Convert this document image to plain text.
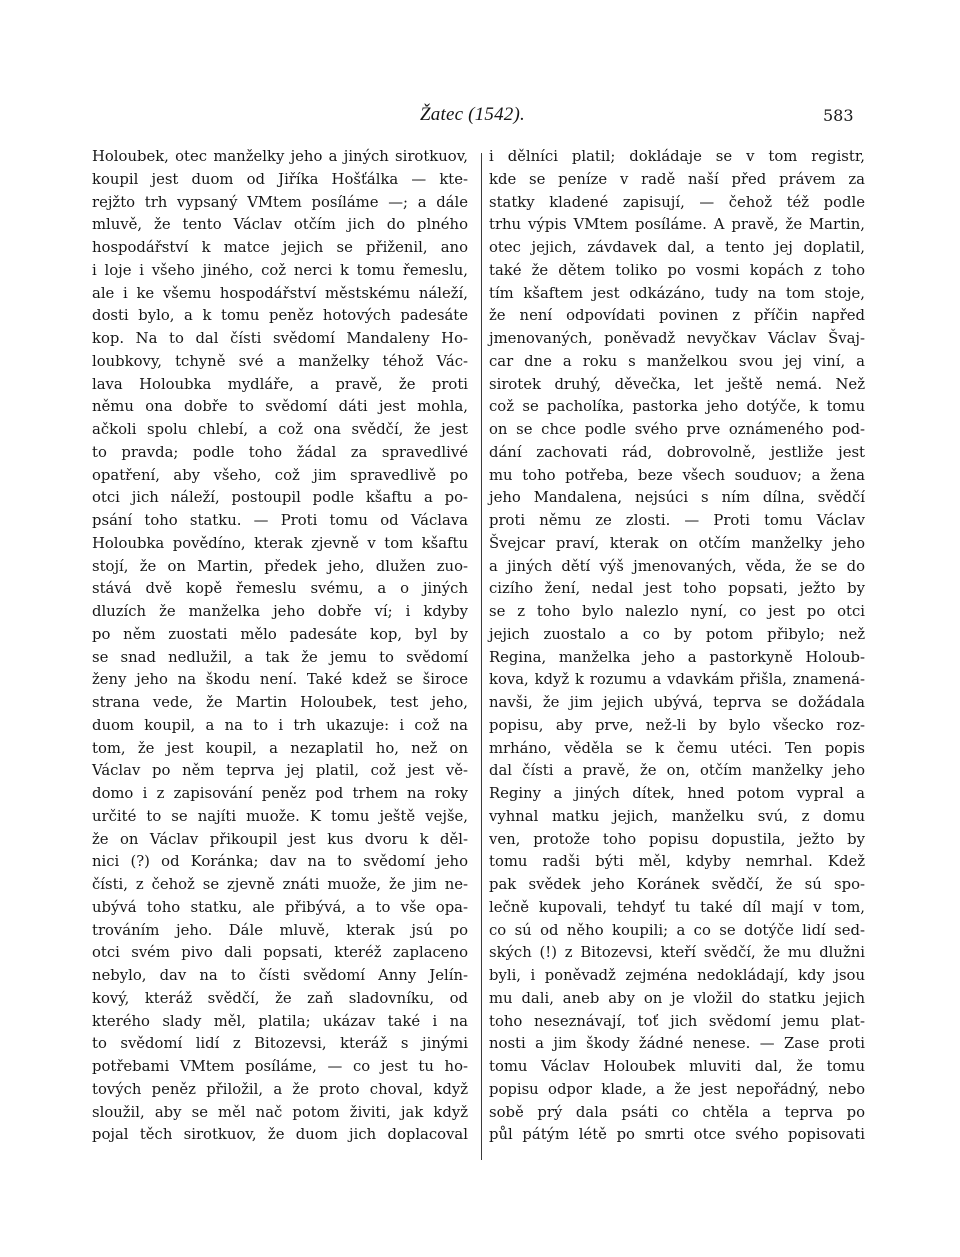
Žatec (1542).	583
Holoubek, otec manželky jeho a jiných sirotkuov,
koupil jest duom od Jiříka Hošťálka — kte-
rejžto trh vypsaný VMtem posíláme —; a dále
mluvě, že tento Václav otčím jich do plného
hospodářství k matce jejich se přiženil, ano
i loje i všeho jiného, což nerci k tomu řemeslu,
ale i ke všemu hospodářství městskému náleží,
dosti bylo, a k tomu peněz hotových padesáte
kop. Na to dal čísti svědomí Mandaleny Ho-
loubkovy, tchyně své a manželky téhož Vác-
lava Holoubka mydláře, a pravě, že proti
němu ona dobře to svědomí dáti jest mohla,
ačkoli spolu chlebí, a což ona svědčí, že jest
to pravda; podle toho žádal za spravedlivé
opatření, aby všeho, což jim spravedlivě po
otci jich náleží, postoupil podle kšaftu a po-
psání toho statku. — Proti tomu od Václava
Holoubka povědíno, kterak zjevně v tom kšaftu
stojí, že on Martin, předek jeho, dlužen zuo-
stává dvě kopě řemeslu svému, a o jiných
dluzích že manželka jeho dobře ví; i kdyby
po něm zuostati mělo padesáte kop, byl by
se snad nedlužil, a tak že jemu to svědomí
ženy jeho na škodu není. Také kdež se široce
strana vede, že Martin Holoubek, test jeho,
duom koupil, a na to i trh ukazuje: i což na
tom, že jest koupil, a nezaplatil ho, než on
Václav po něm teprva jej platil, což jest vě-
domo i z zapisování peněz pod trhem na roky
určité to se najíti muože. K tomu ještě vejše,
že on Václav přikoupil jest kus dvoru k děl-
nici (?) od Koránka; dav na to svědomí jeho
čísti, z čehož se zjevně znáti muože, že jim ne-
ubývá toho statku, ale přibývá, a to vše opa-
trováním jeho. Dále mluvě, kterak jsú po
otci svém pivo dali popsati, kteréž zaplaceno
nebylo, dav na to čísti svědomí Anny Jelín-
kový, kteráž svědčí, že zaň sladovníku, od
kterého slady měl, platila; ukázav také i na
to svědomí lidí z Bitozevsi, kteráž s jinými
potřebami VMtem posíláme, — co jest tu ho-
tových peněz přiložil, a že proto choval, když
sloužil, aby se měl nač potom živiti, jak když
pojal těch sirotkuov, že duom jich doplacoval
i dělníci platil; dokládaje se v tom registr,
kde se peníze v radě naší před právem za
statky kladené zapisují, — čehož též podle
trhu výpis VMtem posíláme. A pravě, že Martin,
otec jejich, závdavek dal, a tento jej doplatil,
také že dětem toliko po vosmi kopách z toho
tím kšaftem jest odkázáno, tudy na tom stoje,
že není odpovídati povinen z příčin napřed
jmenovaných, poněvadž nevyčkav Václav Švaj-
car dne a roku s manželkou svou jej viní, a
sirotek druhý, děvečka, let ještě nemá. Než
což se pacholíka, pastorka jeho dotýče, k tomu
on se chce podle svého prve oznámeného pod-
dání zachovati rád, dobrovolně, jestliže jest
mu toho potřeba, beze všech souduov; a žena
jeho Mandalena, nejsúci s ním dílna, svědčí
proti němu ze zlosti. — Proti tomu Václav
Švejcar praví, kterak on otčím manželky jeho
a jiných dětí výš jmenovaných, věda, že se do
cizího žení, nedal jest toho popsati, ježto by
se z toho bylo nalezlo nyní, co jest po otci
jejich zuostalo a co by potom přibylo; než
Regina, manželka jeho a pastorkyně Holoub-
kova, když k rozumu a vdavkám přišla, znamená-
navši, že jim jejich ubývá, teprva se dožádala
popisu, aby prve, než-li by bylo všecko roz-
mrháno, věděla se k čemu utéci. Ten popis
dal čísti a pravě, že on, otčím manželky jeho
Reginy a jiných dítek, hned potom vypral a
vyhnal matku jejich, manželku svú, z domu
ven, protože toho popisu dopustila, ježto by
tomu radši býti měl, kdyby nemrhal. Kdež
pak svědek jeho Koránek svědčí, že sú spo-
lečně kupovali, tehdyť tu také díl mají v tom,
co sú od něho koupili; a co se dotýče lidí sed-
ských (!) z Bitozevsi, kteří svědčí, že mu dlužni
byli, i poněvadž zejména nedokládají, kdy jsou
mu dali, aneb aby on je vložil do statku jejich
toho neseznávají, toť jich svědomí jemu plat-
nosti a jim škody žádné nenese. — Zase proti
tomu Václav Holoubek mluviti dal, že tomu
popisu odpor klade, a že jest nepořádný, nebo
sobě prý dala psáti co chtěla a teprva po
půl pátým létě po smrti otce svého popisovati
